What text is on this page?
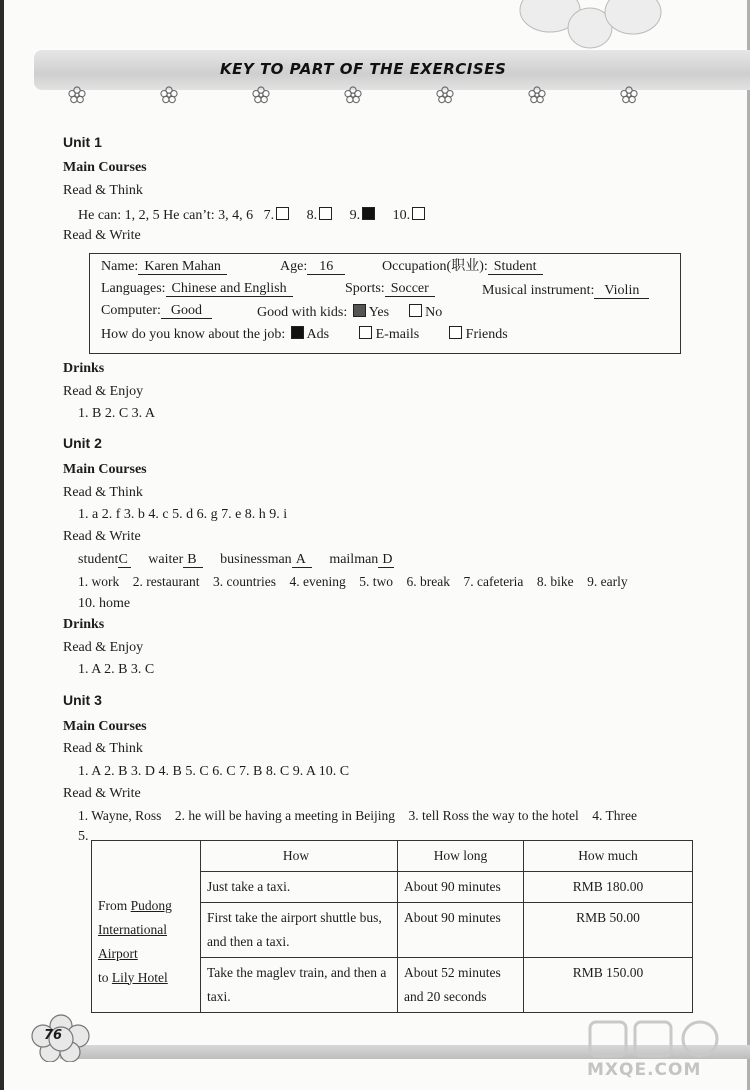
KEY TO PART OF THE EXERCISES
Unit 1
Main Courses
Read & Think
He can: 1, 2, 5 He can’t: 3, 4, 6 7. 8. 9. 10.
Read & Write
Name: Karen Mahan	Age: 16	Occupation(职业): Student
Languages: Chinese and English	Sports: Soccer	Musical instrument: Violin
Computer: Good	Good with kids: Yes	No
How do you know about the job: Ads	E-mails	Friends
Drinks
Read & Enjoy
1. B 2. C 3. A
Unit 2
Main Courses
Read & Think
1. a 2. f 3. b 4. c 5. d 6. g 7. e 8. h 9. i
Read & Write
studentC waiter B businessman A mailman D
1. work 2. restaurant 3. countries 4. evening 5. two 6. break 7. cafeteria 8. bike 9. early
10. home
Drinks
Read & Enjoy
1. A 2. B 3. C
Unit 3
Main Courses
Read & Think
1. A 2. B 3. D 4. B 5. C 6. C 7. B 8. C 9. A 10. C
Read & Write
1. Wayne, Ross 2. he will be having a meeting in Beijing 3. tell Ross the way to the hotel 4. Three
5.
	How	How long	How much
From Pudong
International
Airport
to Lily Hotel	Just take a taxi.	About 90 minutes	RMB 180.00
	First take the airport shuttle bus, and then a taxi.	About 90 minutes	RMB 50.00
	Take the maglev train, and then a taxi.	About 52 minutes and 20 seconds	RMB 150.00
76
MXQE.COM
